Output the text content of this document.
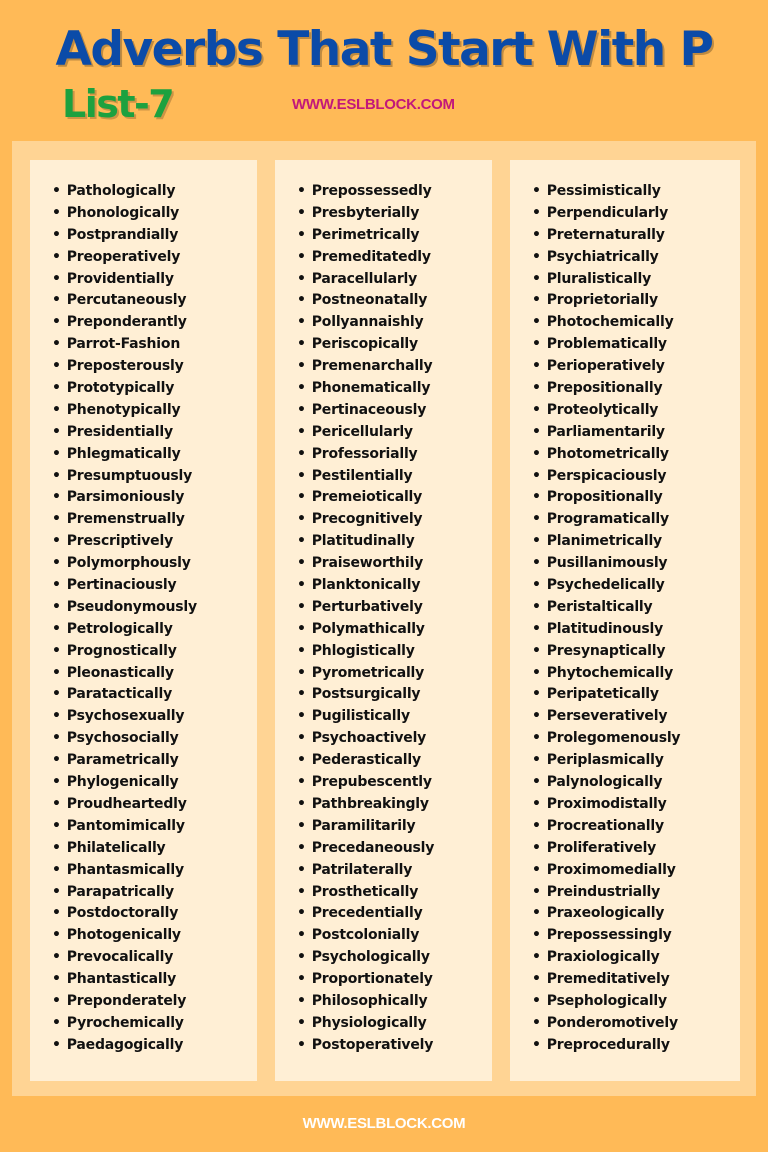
Adverbs That Start With P
List-7	WWW.ESLBLOCK.COM
• Pathologically
• Phonologically
• Postprandially
• Preoperatively
• Providentially
• Percutaneously
• Preponderantly
• Parrot-Fashion
• Preposterously
• Prototypically
• Phenotypically
• Presidentially
• Phlegmatically
• Presumptuously
• Parsimoniously
• Premenstrually
• Prescriptively
• Polymorphously
• Pertinaciously
• Pseudonymously
• Petrologically
• Prognostically
• Pleonastically
• Paratactically
• Psychosexually
• Psychosocially
• Parametrically
• Phylogenically
• Proudheartedly
• Pantomimically
• Philatelically
• Phantasmically
• Parapatrically
• Postdoctorally
• Photogenically
• Prevocalically
• Phantastically
• Preponderately
• Pyrochemically
• Paedagogically
• Prepossessedly
• Presbyterially
• Perimetrically
• Premeditatedly
• Paracellularly
• Postneonatally
• Pollyannaishly
• Periscopically
• Premenarchally
• Phonematically
• Pertinaceously
• Pericellularly
• Professorially
• Pestilentially
• Premeiotically
• Precognitively
• Platitudinally
• Praiseworthily
• Planktonically
• Perturbatively
• Polymathically
• Phlogistically
• Pyrometrically
• Postsurgically
• Pugilistically
• Psychoactively
• Pederastically
• Prepubescently
• Pathbreakingly
• Paramilitarily
• Precedaneously
• Patrilaterally
• Prosthetically
• Precedentially
• Postcolonially
• Psychologically
• Proportionately
• Philosophically
• Physiologically
• Postoperatively
• Pessimistically
• Perpendicularly
• Preternaturally
• Psychiatrically
• Pluralistically
• Proprietorially
• Photochemically
• Problematically
• Perioperatively
• Prepositionally
• Proteolytically
• Parliamentarily
• Photometrically
• Perspicaciously
• Propositionally
• Programatically
• Planimetrically
• Pusillanimously
• Psychedelically
• Peristaltically
• Platitudinously
• Presynaptically
• Phytochemically
• Peripatetically
• Perseveratively
• Prolegomenously
• Periplasmically
• Palynologically
• Proximodistally
• Procreationally
• Proliferatively
• Proximomedially
• Preindustrially
• Praxeologically
• Prepossessingly
• Praxiologically
• Premeditatively
• Psephologically
• Ponderomotively
• Preprocedurally
WWW.ESLBLOCK.COM
